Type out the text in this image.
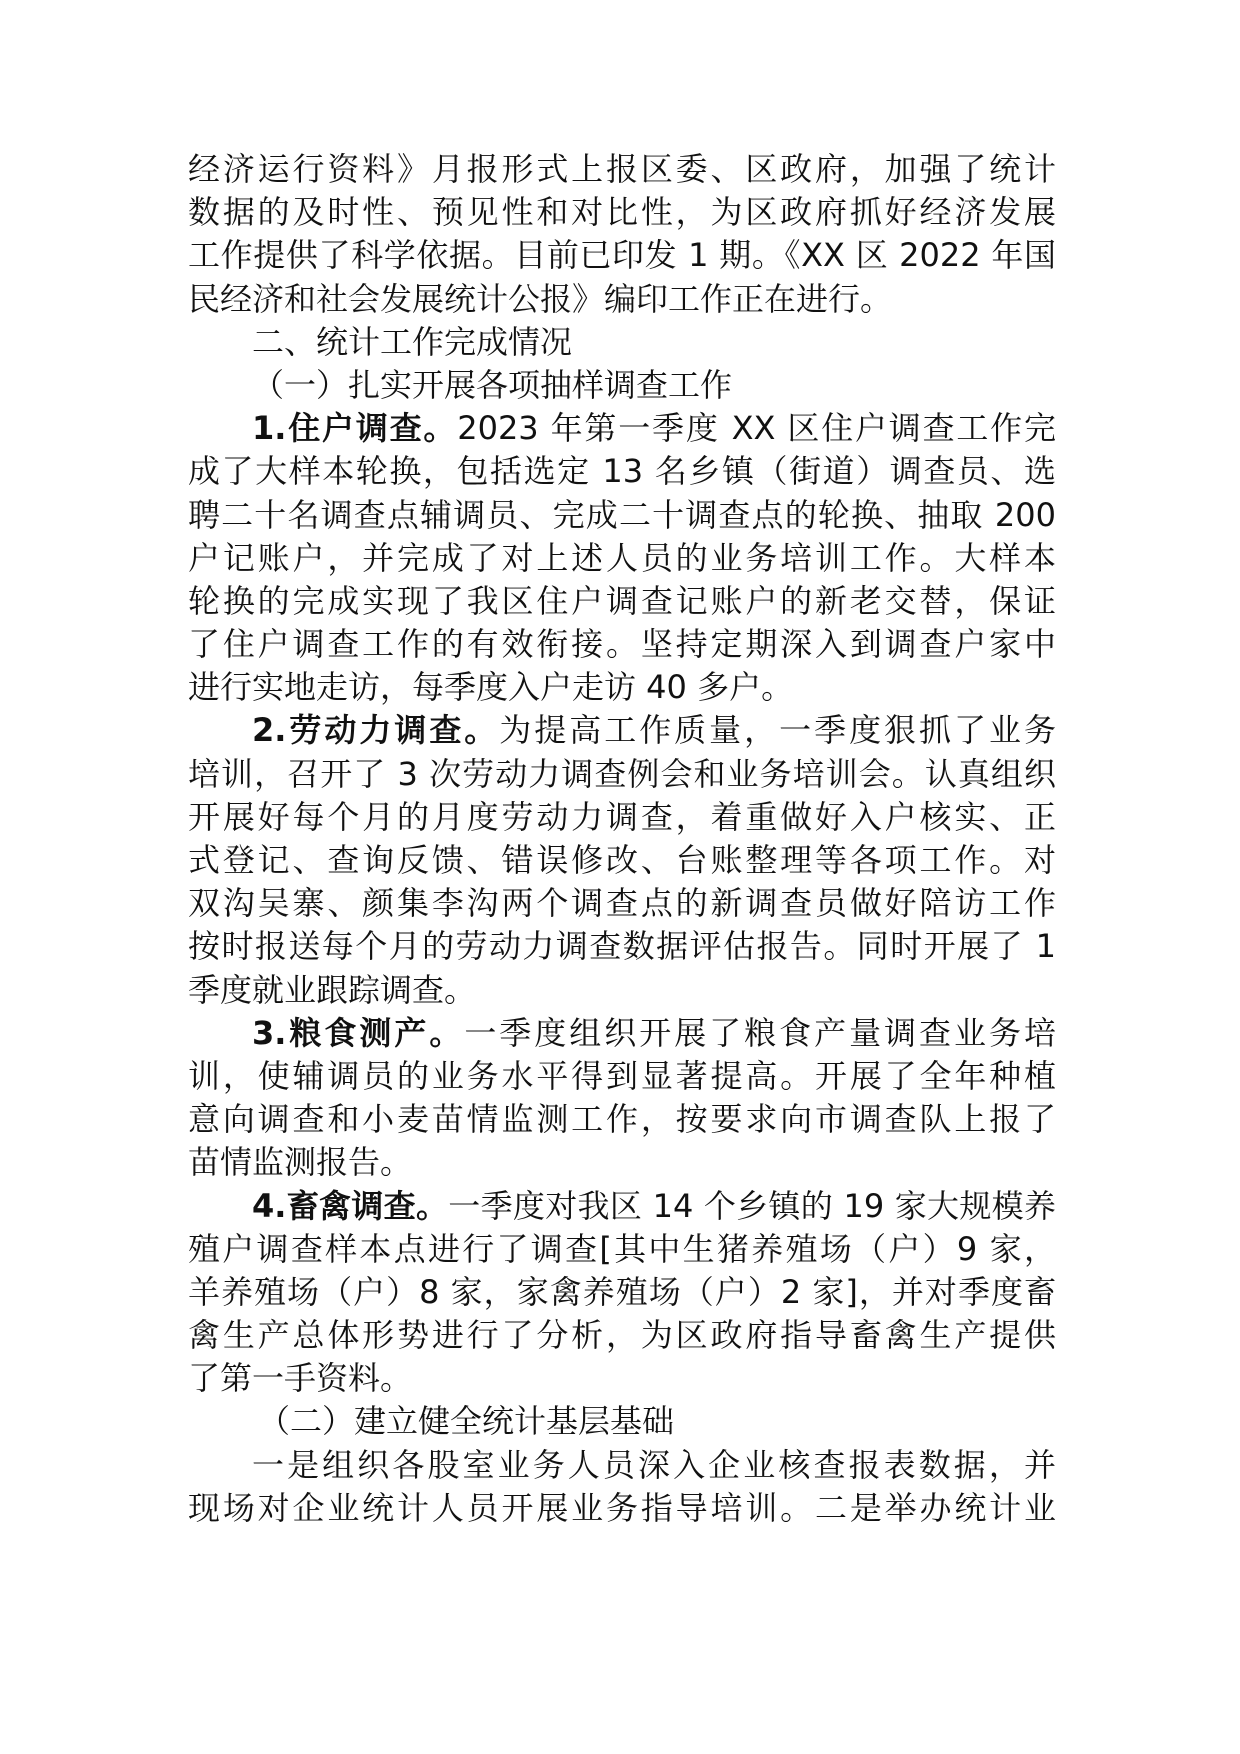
经济运行资料》月报形式上报区委、区政府，加强了统计
数据的及时性、预见性和对比性，为区政府抓好经济发展
工作提供了科学依据。目前已印发 1 期。《XX 区 2022 年国
民经济和社会发展统计公报》编印工作正在进行。
二、统计工作完成情况
（一）扎实开展各项抽样调查工作
1.住户调查。2023 年第一季度 XX 区住户调查工作完
成了大样本轮换，包括选定 13 名乡镇（街道）调查员、选
聘二十名调查点辅调员、完成二十调查点的轮换、抽取 200
户记账户，并完成了对上述人员的业务培训工作。大样本
轮换的完成实现了我区住户调查记账户的新老交替，保证
了住户调查工作的有效衔接。坚持定期深入到调查户家中
进行实地走访，每季度入户走访 40 多户。
2.劳动力调查。为提高工作质量，一季度狠抓了业务
培训，召开了 3 次劳动力调查例会和业务培训会。认真组织
开展好每个月的月度劳动力调查，着重做好入户核实、正
式登记、查询反馈、错误修改、台账整理等各项工作。对
双沟吴寨、颜集李沟两个调查点的新调查员做好陪访工作
按时报送每个月的劳动力调查数据评估报告。同时开展了 1
季度就业跟踪调查。
3.粮食测产。一季度组织开展了粮食产量调查业务培
训，使辅调员的业务水平得到显著提高。开展了全年种植
意向调查和小麦苗情监测工作，按要求向市调查队上报了
苗情监测报告。
4.畜禽调查。一季度对我区 14 个乡镇的 19 家大规模养
殖户调查样本点进行了调查[其中生猪养殖场（户）9 家，
羊养殖场（户）8 家，家禽养殖场（户）2 家]，并对季度畜
禽生产总体形势进行了分析，为区政府指导畜禽生产提供
了第一手资料。
（二）建立健全统计基层基础
一是组织各股室业务人员深入企业核查报表数据，并
现场对企业统计人员开展业务指导培训。二是举办统计业
